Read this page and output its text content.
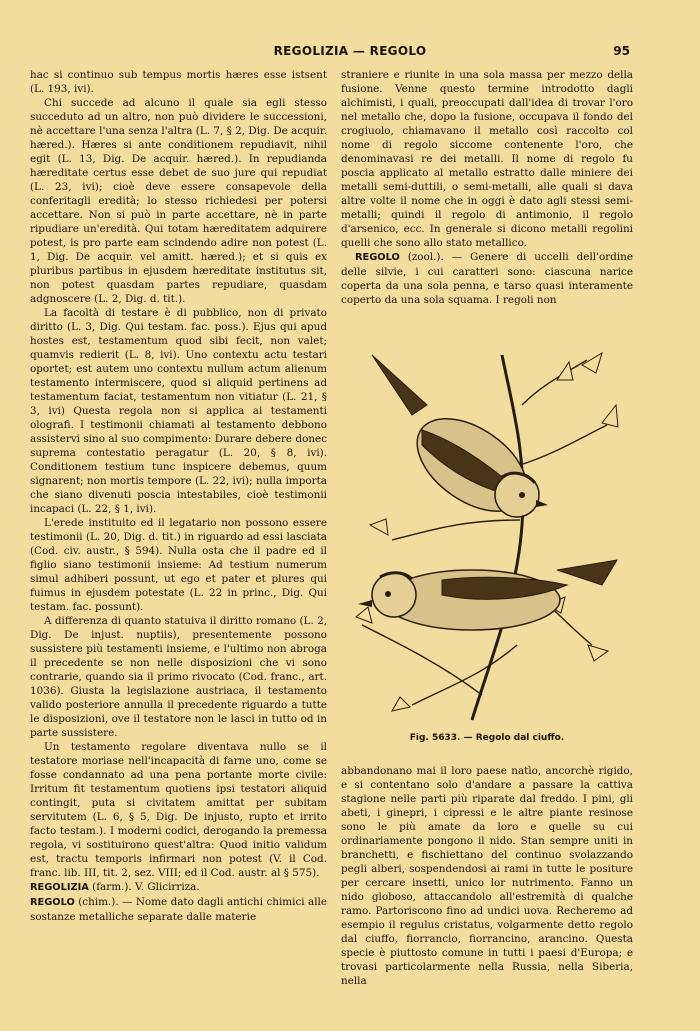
REGOLIZIA — REGOLO	95

hac si continuo sub tempus mortis hæres esse istsent (L. 193, ivi).

Chi succede ad alcuno il quale sia egli stesso succeduto ad un altro, non può dividere le successioni, nè accettare l'una senza l'altra (L. 7, § 2, Dig. De acquir. hæred.). Hæres si ante conditionem repudiavit, nihil egit (L. 13, Dig. De acquir. hæred.). In repudianda hæreditate certus esse debet de suo jure qui repudiat (L. 23, ivi); cioè deve essere consapevole della conferitagli eredità; lo stesso richiedesi per potersi accettare. Non si può in parte accettare, nè in parte ripudiare un'eredità. Qui totam hæreditatem adquirere potest, is pro parte eam scindendo adire non potest (L. 1, Dig. De acquir. vel amitt. hæred.); et si quis ex pluribus partibus in ejusdem hæreditate institutus sit, non potest quasdam partes repudiare, quasdam adgnoscere (L. 2, Dig. d. tit.).

La facoltà di testare è di pubblico, non di privato diritto (L. 3, Dig. Qui testam. fac. poss.). Ejus qui apud hostes est, testamentum quod sibi fecit, non valet; quamvis redierit (L. 8, ivi). Uno contextu actu testari oportet; est autem uno contextu nullum actum alienum testamento intermiscere, quod si aliquid pertinens ad testamentum faciat, testamentum non vitiatur (L. 21, § 3, ivi) Questa regola non si applica ai testamenti olografi. I testimonii chiamati al testamento debbono assistervi sino al suo compimento: Durare debere donec suprema contestatio peragatur (L. 20, § 8, ivi). Conditionem testium tunc inspicere debemus, quum signarent; non mortis tempore (L. 22, ivi); nulla importa che siano divenuti poscia intestabiles, cioè testimonii incapaci (L. 22, § 1, ivi).

L'erede instituito ed il legatario non possono essere testimonii (L. 20, Dig. d. tit.) in riguardo ad essi lasciata (Cod. civ. austr., § 594). Nulla osta che il padre ed il figlio siano testimonii insieme: Ad testium numerum simul adhiberi possunt, ut ego et pater et plures qui fuimus in ejusdem potestate (L. 22 in princ., Dig. Qui testam. fac. possunt).

A differenza di quanto statuiva il diritto romano (L. 2, Dig. De injust. nuptiis), presentemente possono sussistere più testamenti insieme, e l'ultimo non abroga il precedente se non nelle disposizioni che vi sono contrarie, quando sia il primo rivocato (Cod. franc., art. 1036). Giusta la legislazione austriaca, il testamento valido posteriore annulla il precedente riguardo a tutte le disposizioni, ove il testatore non le lasci in tutto od in parte sussistere.

Un testamento regolare diventava nullo se il testatore moriase nell'incapacità di farne uno, come se fosse condannato ad una pena portante morte civile: Irritum fit testamentum quotiens ipsi testatori aliquid contingit, puta si civitatem amittat per subitam servitutem (L. 6, § 5, Dig. De injusto, rupto et irrito facto testam.). I moderni codici, derogando la premessa regola, vi sostituirono quest'altra: Quod initio validum est, tractu temporis infirmari non potest (V. il Cod. franc. lib. III, tit. 2, sez. VIII; ed il Cod. austr. al § 575).

REGOLIZIA (farm.). V. Glicirriza.

REGOLO (chim.). — Nome dato dagli antichi chimici alle sostanze metalliche separate dalle materie

straniere e riunite in una sola massa per mezzo della fusione. Venne questo termine introdotto dagli alchimisti, i quali, preoccupati dall'idea di trovar l'oro nel metallo che, dopo la fusione, occupava il fondo del crogiuolo, chiamavano il metallo così raccolto col nome di regolo siccome contenente l'oro, che denominavasi re dei metalli. Il nome di regolo fu poscia applicato al metallo estratto dalle miniere dei metalli semi-duttili, o semi-metalli, alle quali si dava altre volte il nome che in oggi è dato agli stessi semi-metalli; quindi il regolo di antimonio, il regolo d'arsenico, ecc. In generale si dicono metalli regolini quelli che sono allo stato metallico.

REGOLO (zool.). — Genere di uccelli dell'ordine delle silvie, i cui caratteri sono: ciascuna narice coperta da una sola penna, e tarso quasi interamente coperto da una sola squama. I regoli non

Fig. 5633. — Regolo dal ciuffo.

abbandonano mai il loro paese natìo, ancorchè rigido, e si contentano solo d'andare a passare la cattiva stagione nelle parti più riparate dal freddo. I pini, gli abeti, i ginepri, i cipressi e le altre piante resinose sono le più amate da loro e quelle su cui ordinariamente pongono il nido. Stan sempre uniti in branchetti, e fischiettano del continuo svolazzando pegli alberi, sospendendosi ai rami in tutte le positure per cercare insetti, unico lor nutrimento. Fanno un nido globoso, attaccandolo all'estremità di qualche ramo. Partoriscono fino ad undici uova. Recheremo ad esempio il regulus cristatus, volgarmente detto regolo dal ciuffo, fiorrancio, fiorrancino, arancino. Questa specie è piuttosto comune in tutti i paesi d'Europa; e trovasi particolarmente nella Russia, nella Siberia, nella
